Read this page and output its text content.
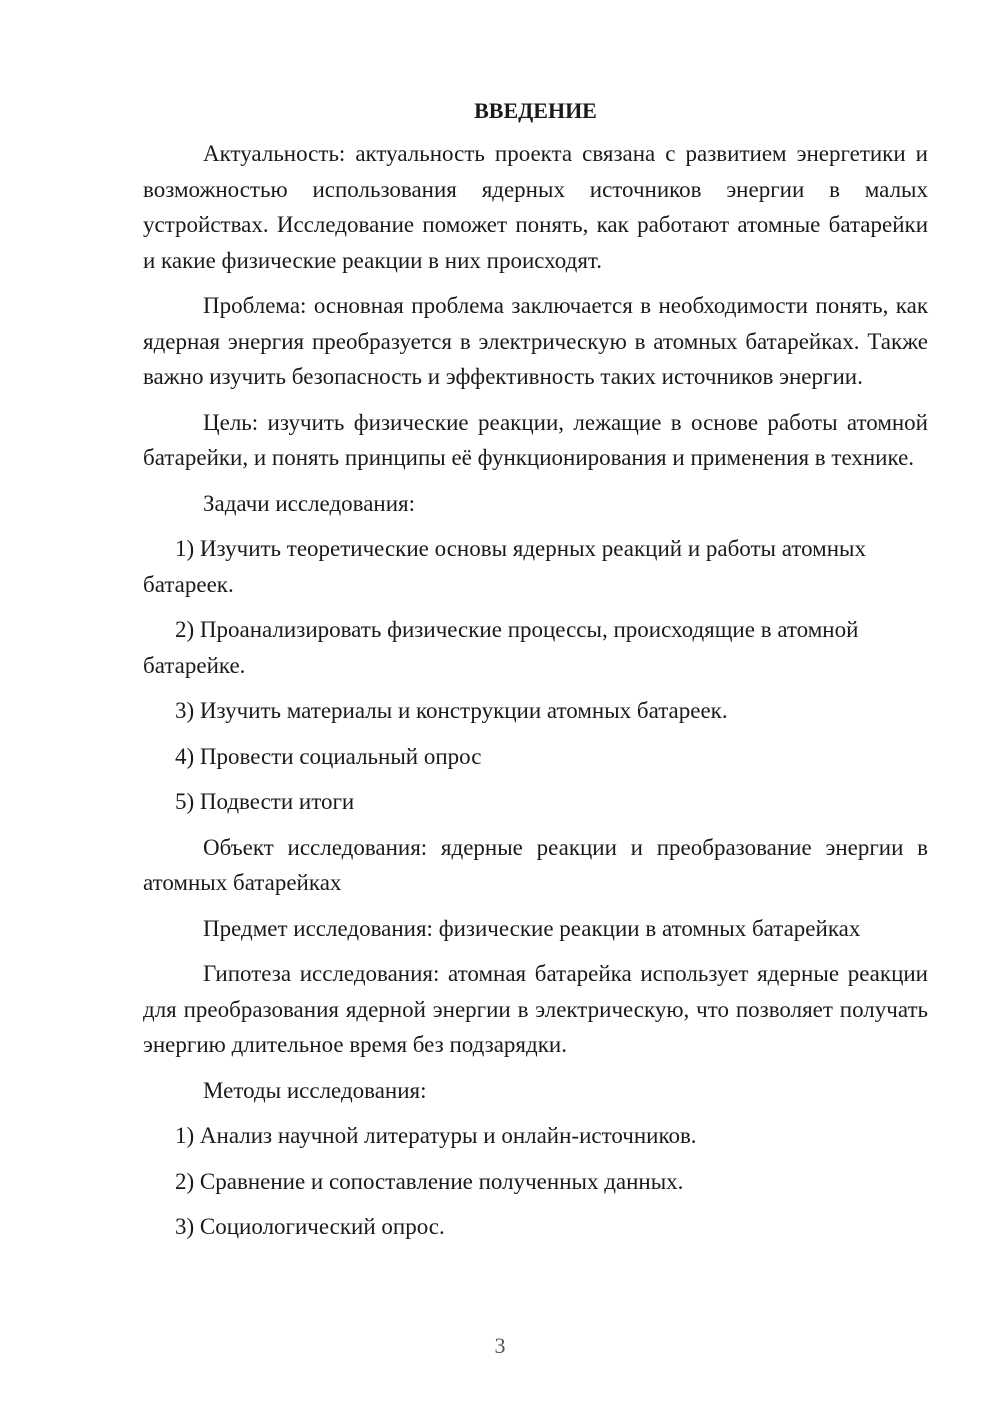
ВВЕДЕНИЕ

Актуальность: актуальность проекта связана с развитием энергетики и возможностью использования ядерных источников энергии в малых устройствах. Исследование поможет понять, как работают атомные батарейки и какие физические реакции в них происходят.

Проблема: основная проблема заключается в необходимости понять, как ядерная энергия преобразуется в электрическую в атомных батарейках. Также важно изучить безопасность и эффективность таких источников энергии.

Цель: изучить физические реакции, лежащие в основе работы атомной батарейки, и понять принципы её функционирования и применения в технике.

Задачи исследования:

1) Изучить теоретические основы ядерных реакций и работы атомных батареек.

2) Проанализировать физические процессы, происходящие в атомной батарейке.

3) Изучить материалы и конструкции атомных батареек.

4) Провести социальный опрос

5) Подвести итоги

Объект исследования: ядерные реакции и преобразование энергии в атомных батарейках

Предмет исследования: физические реакции в атомных батарейках

Гипотеза исследования: атомная батарейка использует ядерные реакции для преобразования ядерной энергии в электрическую, что позволяет получать энергию длительное время без подзарядки.

Методы исследования:

1) Анализ научной литературы и онлайн-источников.

2) Сравнение и сопоставление полученных данных.

3) Социологический опрос.

3
